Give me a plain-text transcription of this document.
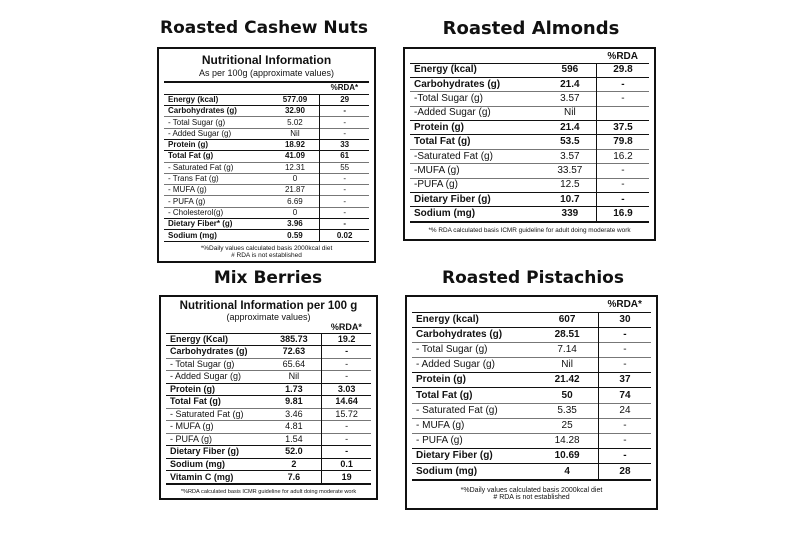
Roasted Cashew Nuts
Nutritional Information
As per 100g (approximate values)
		%RDA*
Energy (kcal)	577.09	29
Carbohydrates (g)	32.90	-
- Total Sugar (g)	5.02	-
- Added Sugar (g)	Nil	-
Protein (g)	18.92	33
Total Fat (g)	41.09	61
- Saturated Fat (g)	12.31	55
- Trans Fat (g)	0	-
- MUFA (g)	21.87	-
- PUFA (g)	6.69	-
- Cholesterol(g)	0	-
Dietary Fiber* (g)	3.96	-
Sodium (mg)	0.59	0.02
*%Daily values calculated basis 2000kcal diet
# RDA is not established
Roasted Almonds
		%RDA
Energy (kcal)	596	29.8
Carbohydrates (g)	21.4	-
-Total Sugar (g)	3.57	-
-Added Sugar (g)	Nil	
Protein (g)	21.4	37.5
Total Fat (g)	53.5	79.8
-Saturated Fat (g)	3.57	16.2
-MUFA (g)	33.57	-
-PUFA (g)	12.5	-
Dietary Fiber (g)	10.7	-
Sodium (mg)	339	16.9
*% RDA calculated basis ICMR guideline for adult doing moderate work
Mix Berries
Nutritional Information per 100 g
(approximate values)
		%RDA*
Energy (Kcal)	385.73	19.2
Carbohydrates (g)	72.63	-
- Total Sugar (g)	65.64	-
- Added Sugar (g)	Nil	-
Protein (g)	1.73	3.03
Total Fat (g)	9.81	14.64
- Saturated Fat (g)	3.46	15.72
- MUFA (g)	4.81	-
- PUFA (g)	1.54	-
Dietary Fiber (g)	52.0	-
Sodium (mg)	2	0.1
Vitamin C (mg)	7.6	19
*%RDA calculated basis ICMR guideline for adult doing moderate work
Roasted Pistachios
		%RDA*
Energy (kcal)	607	30
Carbohydrates (g)	28.51	-
- Total Sugar (g)	7.14	-
- Added Sugar (g)	Nil	-
Protein (g)	21.42	37
Total Fat (g)	50	74
- Saturated Fat (g)	5.35	24
- MUFA (g)	25	-
- PUFA (g)	14.28	-
Dietary Fiber (g)	10.69	-
Sodium (mg)	4	28
*%Daily values calculated basis 2000kcal diet
# RDA is not established
